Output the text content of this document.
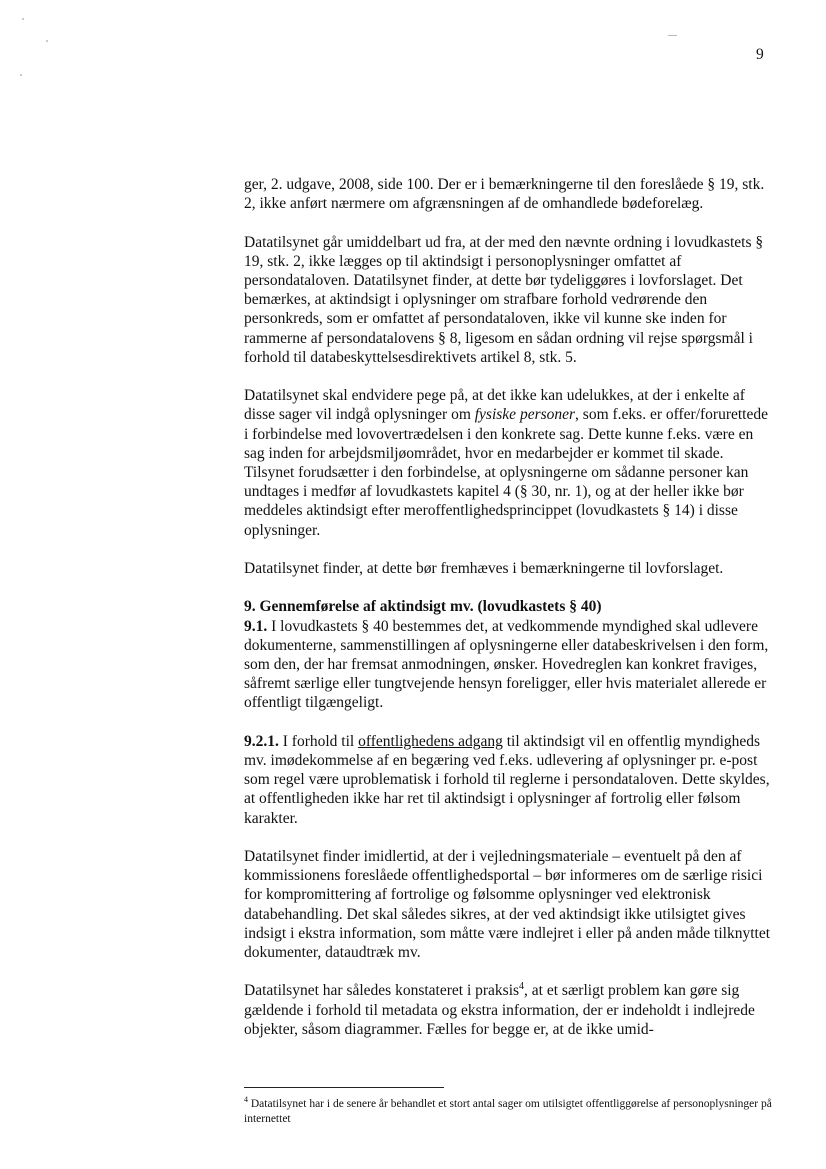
9

ger, 2. udgave, 2008, side 100. Der er i bemærkningerne til den foreslåede § 19, stk. 2, ikke anført nærmere om afgrænsningen af de omhandlede bødeforelæg.

Datatilsynet går umiddelbart ud fra, at der med den nævnte ordning i lovudkastets § 19, stk. 2, ikke lægges op til aktindsigt i personoplysninger omfattet af persondataloven. Datatilsynet finder, at dette bør tydeliggøres i lovforslaget. Det bemærkes, at aktindsigt i oplysninger om strafbare forhold vedrørende den personkreds, som er omfattet af persondataloven, ikke vil kunne ske inden for rammerne af persondatalovens § 8, ligesom en sådan ordning vil rejse spørgsmål i forhold til databeskyttelsesdirektivets artikel 8, stk. 5.

Datatilsynet skal endvidere pege på, at det ikke kan udelukkes, at der i enkelte af disse sager vil indgå oplysninger om fysiske personer, som f.eks. er offer/forurettede i forbindelse med lovovertrædelsen i den konkrete sag. Dette kunne f.eks. være en sag inden for arbejdsmiljøområdet, hvor en medarbejder er kommet til skade. Tilsynet forudsætter i den forbindelse, at oplysningerne om sådanne personer kan undtages i medfør af lovudkastets kapitel 4 (§ 30, nr. 1), og at der heller ikke bør meddeles aktindsigt efter meroffentlighedsprincippet (lovudkastets § 14) i disse oplysninger.

Datatilsynet finder, at dette bør fremhæves i bemærkningerne til lovforslaget.

9. Gennemførelse af aktindsigt mv. (lovudkastets § 40)

9.1. I lovudkastets § 40 bestemmes det, at vedkommende myndighed skal udlevere dokumenterne, sammenstillingen af oplysningerne eller databeskrivelsen i den form, som den, der har fremsat anmodningen, ønsker. Hovedreglen kan konkret fraviges, såfremt særlige eller tungtvejende hensyn foreligger, eller hvis materialet allerede er offentligt tilgængeligt.

9.2.1. I forhold til offentlighedens adgang til aktindsigt vil en offentlig myndigheds mv. imødekommelse af en begæring ved f.eks. udlevering af oplysninger pr. e-post som regel være uproblematisk i forhold til reglerne i persondataloven. Dette skyldes, at offentligheden ikke har ret til aktindsigt i oplysninger af fortrolig eller følsom karakter.

Datatilsynet finder imidlertid, at der i vejledningsmateriale – eventuelt på den af kommissionens foreslåede offentlighedsportal – bør informeres om de særlige risici for kompromittering af fortrolige og følsomme oplysninger ved elektronisk databehandling. Det skal således sikres, at der ved aktindsigt ikke utilsigtet gives indsigt i ekstra information, som måtte være indlejret i eller på anden måde tilknyttet dokumenter, dataudtræk mv.

Datatilsynet har således konstateret i praksis$^4$, at et særligt problem kan gøre sig gældende i forhold til metadata og ekstra information, der er indeholdt i indlejrede objekter, såsom diagrammer. Fælles for begge er, at de ikke umid-

$^4$ Datatilsynet har i de senere år behandlet et stort antal sager om utilsigtet offentliggørelse af personoplysninger på internettet
